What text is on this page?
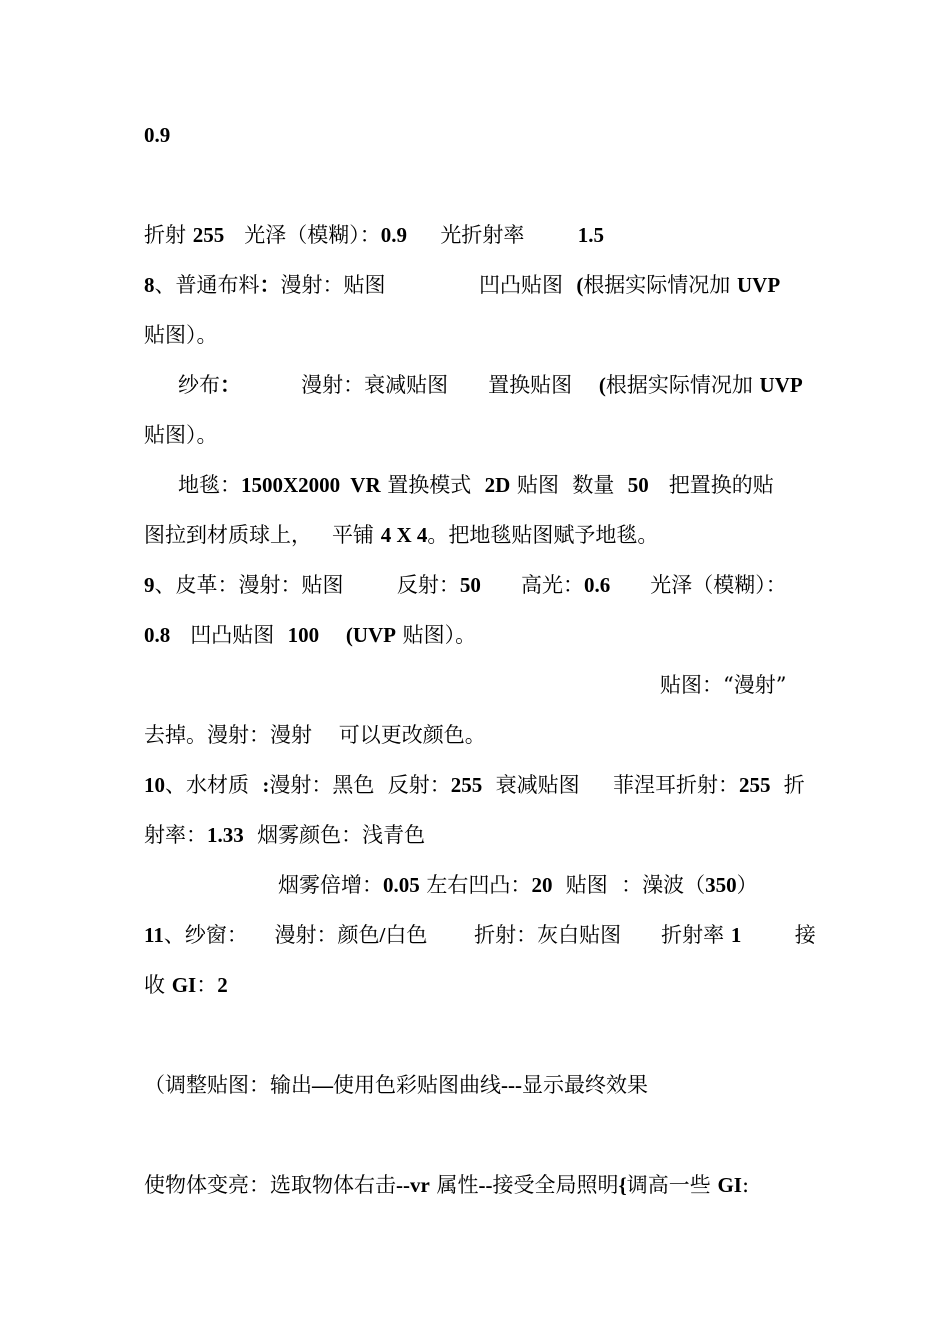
0.9
折射 255   光泽（模糊）：0.9     光折射率        1.5
8、普通布料：漫射：贴图              凹凸贴图  (根据实际情况加 UVP
贴图）。
纱布：         漫射：衰减贴图      置换贴图    (根据实际情况加 UVP
贴图）。
地毯：1500X2000  VR 置换模式  2D 贴图  数量  50   把置换的贴
图拉到材质球上，   平铺 4 X 4。把地毯贴图赋予地毯。
9、皮革：漫射：贴图        反射：50      高光：0.6      光泽（模糊）：
0.8   凹凸贴图  100 (UVP 贴图）。
贴图：“漫射”
去掉。漫射：漫射    可以更改颜色。
10、水材质  :漫射：黑色  反射：255  衰减贴图     菲涅耳折射：255  折
射率：1.33  烟雾颜色：浅青色
烟雾倍增：0.05 左右凹凸：20  贴图  ：澡波（350）
11、纱窗：    漫射：颜色/白色       折射：灰白贴图      折射率 1        接
收 GI：2
（调整贴图：输出—使用色彩贴图曲线---显示最终效果
使物体变亮：选取物体右击--vr 属性--接受全局照明{调高一些 GI:
